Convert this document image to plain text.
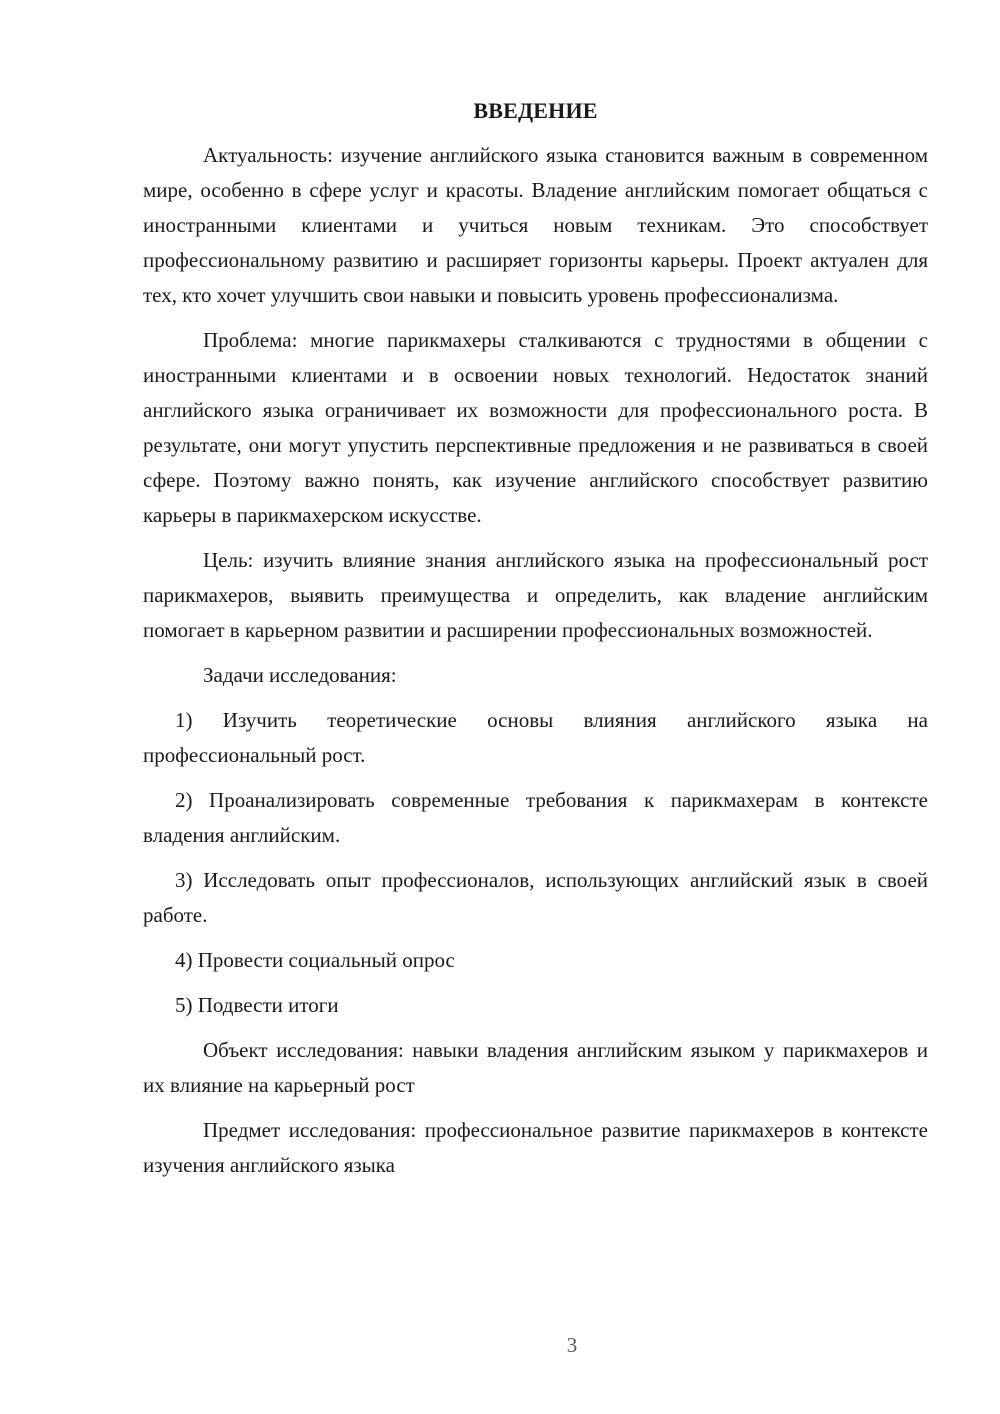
ВВЕДЕНИЕ

Актуальность: изучение английского языка становится важным в современном мире, особенно в сфере услуг и красоты. Владение английским помогает общаться с иностранными клиентами и учиться новым техникам. Это способствует профессиональному развитию и расширяет горизонты карьеры. Проект актуален для тех, кто хочет улучшить свои навыки и повысить уровень профессионализма.

Проблема: многие парикмахеры сталкиваются с трудностями в общении с иностранными клиентами и в освоении новых технологий. Недостаток знаний английского языка ограничивает их возможности для профессионального роста. В результате, они могут упустить перспективные предложения и не развиваться в своей сфере. Поэтому важно понять, как изучение английского способствует развитию карьеры в парикмахерском искусстве.

Цель: изучить влияние знания английского языка на профессиональный рост парикмахеров, выявить преимущества и определить, как владение английским помогает в карьерном развитии и расширении профессиональных возможностей.

Задачи исследования:

1) Изучить теоретические основы влияния английского языка на профессиональный рост.

2) Проанализировать современные требования к парикмахерам в контексте владения английским.

3) Исследовать опыт профессионалов, использующих английский язык в своей работе.

4) Провести социальный опрос

5) Подвести итоги

Объект исследования: навыки владения английским языком у парикмахеров и их влияние на карьерный рост

Предмет исследования: профессиональное развитие парикмахеров в контексте изучения английского языка

3
